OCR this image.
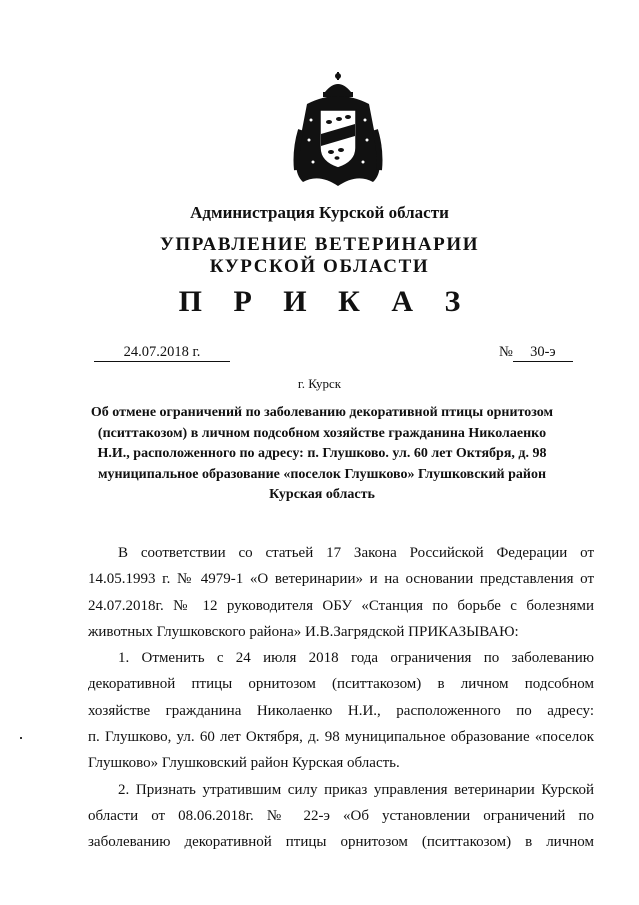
Администрация Курской области
УПРАВЛЕНИЕ ВЕТЕРИНАРИИ
КУРСКОЙ ОБЛАСТИ
П Р И К А З
24.07.2018 г.	№ 30-э
г. Курск
Об отмене ограничений по заболеванию декоративной птицы орнитозом
(пситтакозом) в личном подсобном хозяйстве гражданина Николаенко
Н.И., расположенного по адресу: п. Глушково. ул. 60 лет Октября, д. 98
муниципальное образование «поселок Глушково» Глушковский район
Курская область

В соответствии со статьей 17 Закона Российской Федерации от

14.05.1993 г. № 4979-1 «О ветеринарии» и на основании представления от

24.07.2018г. № 12 руководителя ОБУ «Станция по борьбе с болезнями

животных Глушковского района» И.В.Загрядской ПРИКАЗЫВАЮ:

1. Отменить с 24 июля 2018 года ограничения по заболеванию

декоративной птицы орнитозом (пситтакозом) в личном подсобном

хозяйстве гражданина Николаенко Н.И., расположенного по адресу:

п. Глушково, ул. 60 лет Октября, д. 98 муниципальное образование «поселок

Глушково» Глушковский район Курская область.

2. Признать утратившим силу приказ управления ветеринарии Курской

области от 08.06.2018г. № 22-э «Об установлении ограничений по

заболеванию декоративной птицы орнитозом (пситтакозом) в личном
